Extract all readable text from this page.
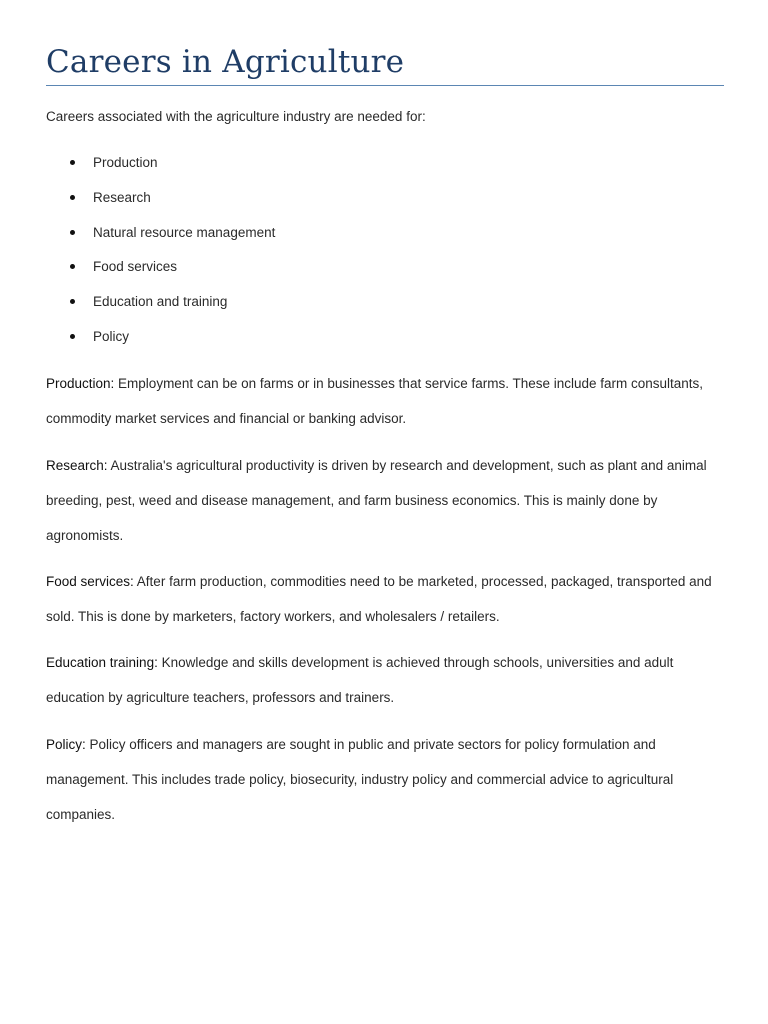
Careers in Agriculture

Careers associated with the agriculture industry are needed for:

Production
Research
Natural resource management
Food services
Education and training
Policy

Production: Employment can be on farms or in businesses that service farms. These include farm consultants, commodity market services and financial or banking advisor.

Research: Australia's agricultural productivity is driven by research and development, such as plant and animal breeding, pest, weed and disease management, and farm business economics. This is mainly done by agronomists.

Food services: After farm production, commodities need to be marketed, processed, packaged, transported and sold. This is done by marketers, factory workers, and wholesalers / retailers.

Education training: Knowledge and skills development is achieved through schools, universities and adult education by agriculture teachers, professors and trainers.

Policy: Policy officers and managers are sought in public and private sectors for policy formulation and management. This includes trade policy, biosecurity, industry policy and commercial advice to agricultural companies.
